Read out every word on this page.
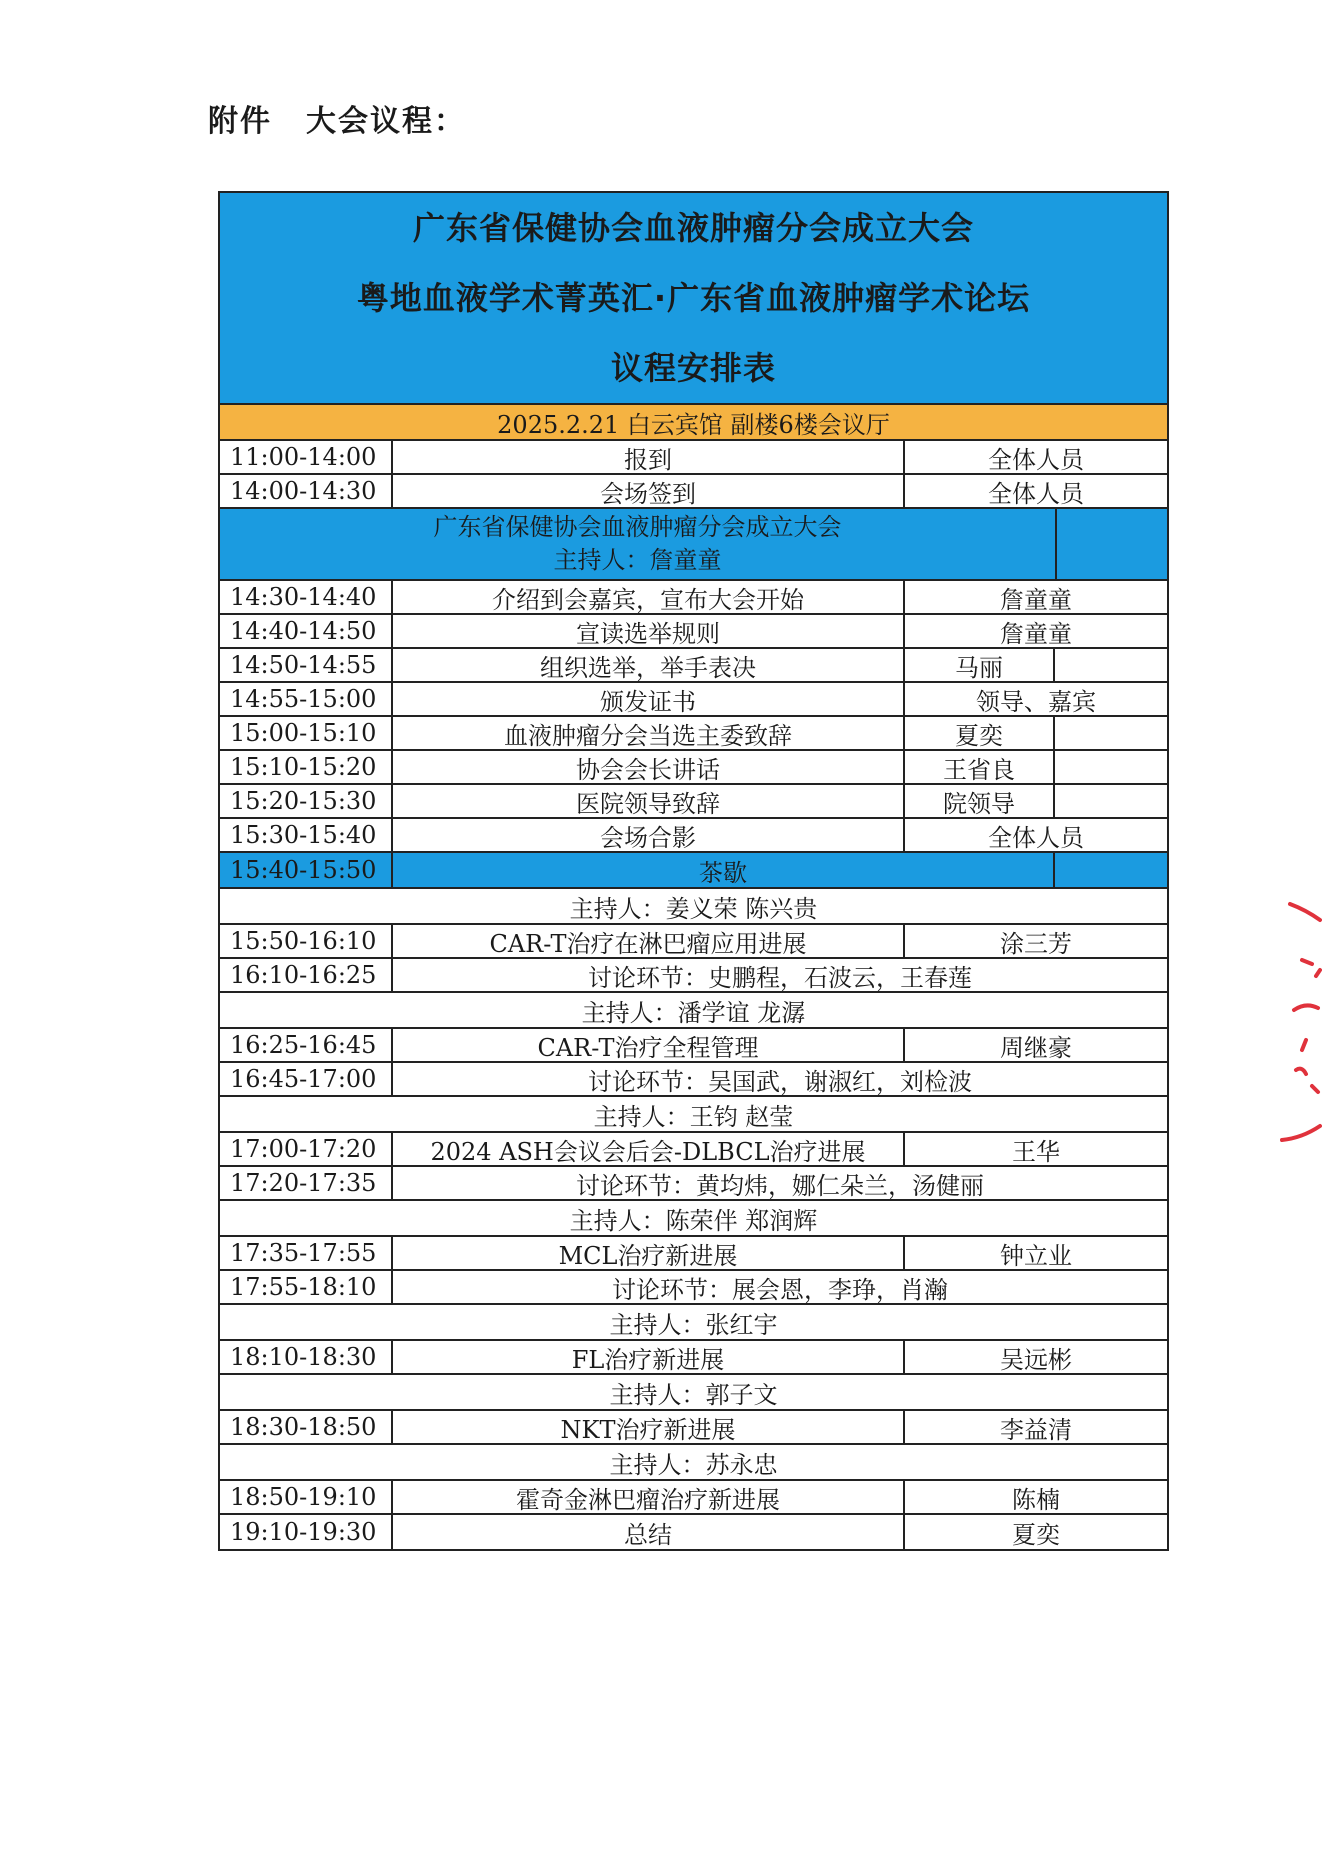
附件 大会议程：
广东省保健协会血液肿瘤分会成立大会
粤地血液学术菁英汇·广东省血液肿瘤学术论坛
议程安排表
2025.2.21 白云宾馆 副楼6楼会议厅
11:00-14:00	报到	全体人员
14:00-14:30	会场签到	全体人员
广东省保健协会血液肿瘤分会成立大会
主持人：詹童童
14:30-14:40	介绍到会嘉宾，宣布大会开始	詹童童
14:40-14:50	宣读选举规则	詹童童
14:50-14:55	组织选举，举手表决	马丽
14:55-15:00	颁发证书	领导、嘉宾
15:00-15:10	血液肿瘤分会当选主委致辞	夏奕
15:10-15:20	协会会长讲话	王省良
15:20-15:30	医院领导致辞	院领导
15:30-15:40	会场合影	全体人员
15:40-15:50	茶歇
主持人：姜义荣 陈兴贵
15:50-16:10	CAR-T治疗在淋巴瘤应用进展	涂三芳
16:10-16:25	讨论环节：史鹏程，石波云，王春莲
主持人：潘学谊 龙潺
16:25-16:45	CAR-T治疗全程管理	周继豪
16:45-17:00	讨论环节：吴国武，谢淑红，刘检波
主持人：王钧 赵莹
17:00-17:20	2024 ASH会议会后会-DLBCL治疗进展	王华
17:20-17:35	讨论环节：黄均炜，娜仁朵兰，汤健丽
主持人：陈荣伴 郑润辉
17:35-17:55	MCL治疗新进展	钟立业
17:55-18:10	讨论环节：展会恩，李琤，肖瀚
主持人：张红宇
18:10-18:30	FL治疗新进展	吴远彬
主持人：郭子文
18:30-18:50	NKT治疗新进展	李益清
主持人：苏永忠
18:50-19:10	霍奇金淋巴瘤治疗新进展	陈楠
19:10-19:30	总结	夏奕
